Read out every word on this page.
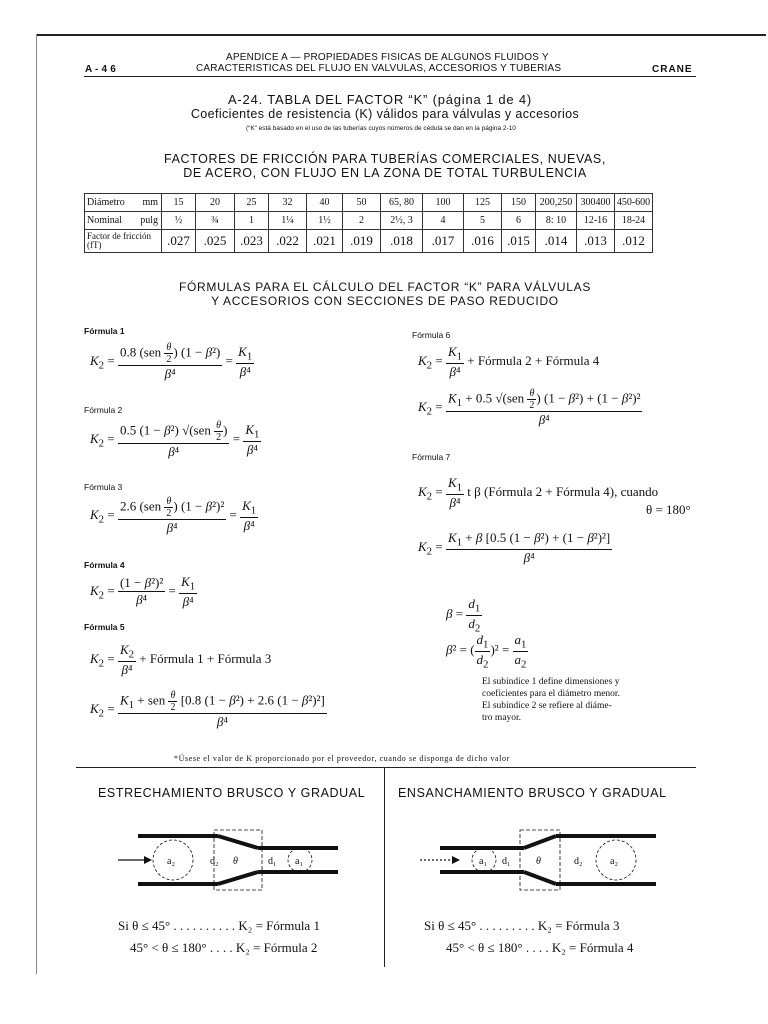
A - 4 6
APENDICE A — PROPIEDADES FISICAS DE ALGUNOS FLUIDOS Y
CARACTERISTICAS DEL FLUJO EN VALVULAS, ACCESORIOS Y TUBERIAS	CRANE
A-24. TABLA DEL FACTOR “K” (página 1 de 4)
Coeficientes de resistencia (K) válidos para válvulas y accesorios
(“K” está basado en el uso de las tuberías cuyos números de cédula se dan en la página 2-10
FACTORES DE FRICCIÓN PARA TUBERÍAS COMERCIALES, NUEVAS,
DE ACERO, CON FLUJO EN LA ZONA DE TOTAL TURBULENCIA
Diámetro mm	15	20	25	32	40	50	65, 80	100	125	150	200,250	300400	450-600
Nominal pulg	½	¾	1	1¼	1½	2	2½, 3	4	5	6	8: 10	12-16	18-24
Factor de fricción (fT)	.027	.025	.023	.022	.021	.019	.018	.017	.016	.015	.014	.013	.012
FÓRMULAS PARA EL CÁLCULO DEL FACTOR “K” PARA VÁLVULAS
Y ACCESORIOS CON SECCIONES DE PASO REDUCIDO
Fórmula 1
$K_2 = \frac{0.8 (sen \frac{\theta}{2} ) (1 - \beta^2)}{\text{β⁴}} = \frac{K_1}{\text{β⁴}}$
Fórmula 2
$K_2 = \frac{0.5 (1 - \beta^2) √(sen \frac{\theta}{2} )}{\text{β⁴}} = \frac{K_1}{\text{β⁴}}$
Fórmula 3
$K_2 = \frac{2.6 (sen \frac{\theta}{2} ) (1 - \beta^2)^2}{\text{β⁴}} = \frac{K_1}{\text{β⁴}}$
Fórmula 4
$K_2 = \frac{\text{(1 − β²)²}}{\text{β⁴}} = \frac{K_1}{\text{β⁴}}$
Fórmula 5
$K_2 = \frac{K_2}{\text{β⁴}}$ + Fórmula 1 + Fórmula 3
$K_2 = \frac{K_1 + sen \frac{\theta}{2} [0.8 (1 - \beta^2) + 2.6 (1 - \beta^2)^2]}{\text{β⁴}}$
Fórmula 6
$K_2 = \frac{K_1}{\text{β⁴}}$ + Fórmula 2 + Fórmula 4
$K_2 = \frac{K_1 + 0.5 √(sen \frac{\theta}{2} ) (1 - \beta^2) + (1 - \beta^2)^2}{\text{β⁴}}$
Fórmula 7
$K_2 = \frac{K_1}{\text{β⁴}}$ t β (Fórmula 2 + Fórmula 4), cuando
θ = 180°
$K_2 = \frac{K_1 + \beta [0.5 (1 - \beta^2) + (1 - \beta^2)^2]}{\text{β⁴}}$
$\beta = \frac{d_1}{d_2}$
β² = ( $\frac{d_1}{d_2} )^2 = \frac{a_1}{a_2}$
El subíndice 1 define dimensiones y
coeficientes para el diámetro menor.
El subíndice 2 se refiere al diáme-
tro mayor.
*Úsese el valor de K proporcionado por el proveedor, cuando se disponga de dicho valor
ESTRECHAMIENTO BRUSCO Y GRADUAL	ENSANCHAMIENTO BRUSCO Y GRADUAL
a₂	d₂ θ	d₁ a₁	a₁ d₁	θ	d₂	a₂
Si θ ≤ 45° . . . . . . . . . . K₂ = Fórmula 1
45° < θ ≤ 180° . . . . K₂ = Fórmula 2
Si θ ≤ 45° . . . . . . . . . K₂ = Fórmula 3
45° < θ ≤ 180° . . . . K₂ = Fórmula 4
